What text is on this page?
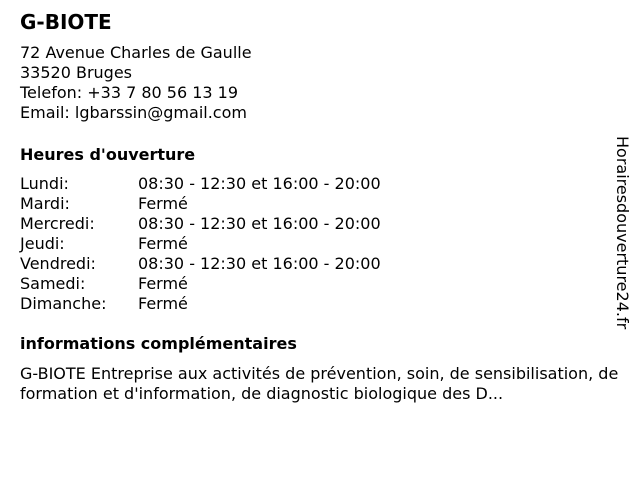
G-BIOTE
72 Avenue Charles de Gaulle
33520 Bruges
Telefon: +33 7 80 56 13 19
Email: lgbarssin@gmail.com
Heures d'ouverture
Lundi:	08:30 - 12:30 et 16:00 - 20:00
Mardi:	Fermé
Mercredi:	08:30 - 12:30 et 16:00 - 20:00
Jeudi:	Fermé
Vendredi:	08:30 - 12:30 et 16:00 - 20:00
Samedi:	Fermé
Dimanche:	Fermé
informations complémentaires
G-BIOTE Entreprise aux activités de prévention, soin, de sensibilisation, de formation et d'information, de diagnostic biologique des D...
Horairesdouverture24.fr
